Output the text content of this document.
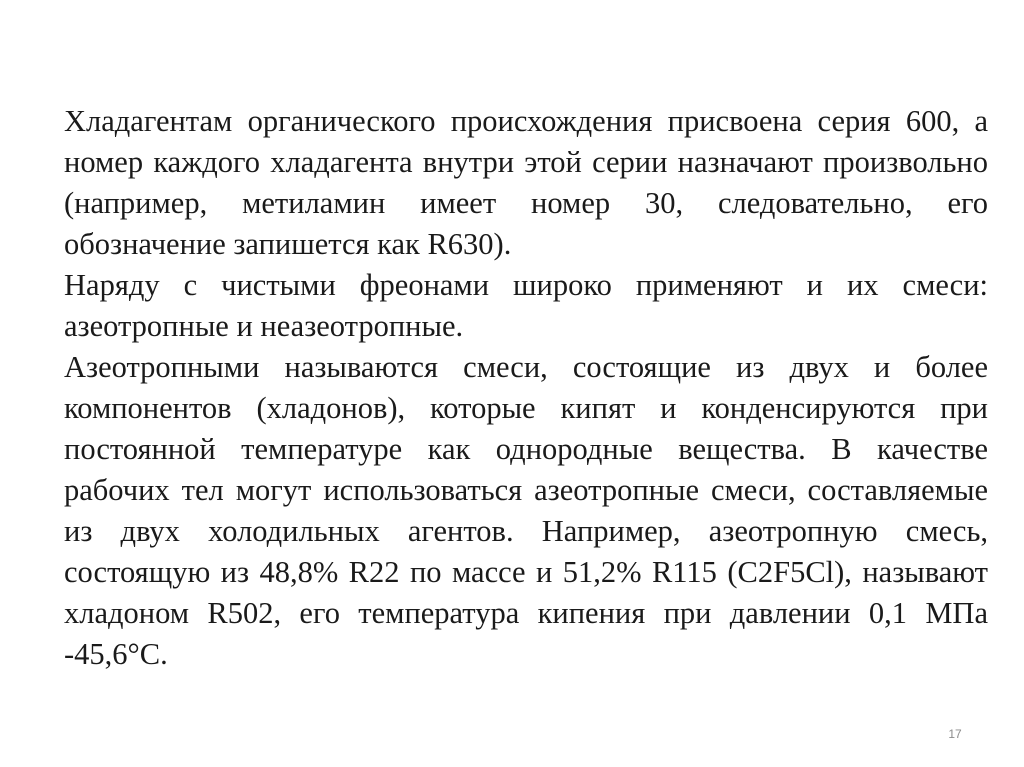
Хладагентам органического происхождения присвоена серия 600, а номер каждого хладагента внутри этой серии назначают произвольно (например, метиламин имеет номер 30, следовательно, его обозначение запишется как R630).

Наряду с чистыми фреонами широко применяют и их смеси: азеотропные и неазеотропные.

Азеотропными называются смеси, состоящие из двух и более компонентов (хладонов), которые кипят и конденсируются при постоянной температуре как однородные вещества. В качестве рабочих тел могут использоваться азеотропные смеси, составляемые из двух холодильных агентов. Например, азеотропную смесь, состоящую из 48,8% R22 по массе и 51,2% R115 (C2F5Cl), называют хладоном R502, его температура кипения при давлении 0,1 МПа -45,6°С.

17
